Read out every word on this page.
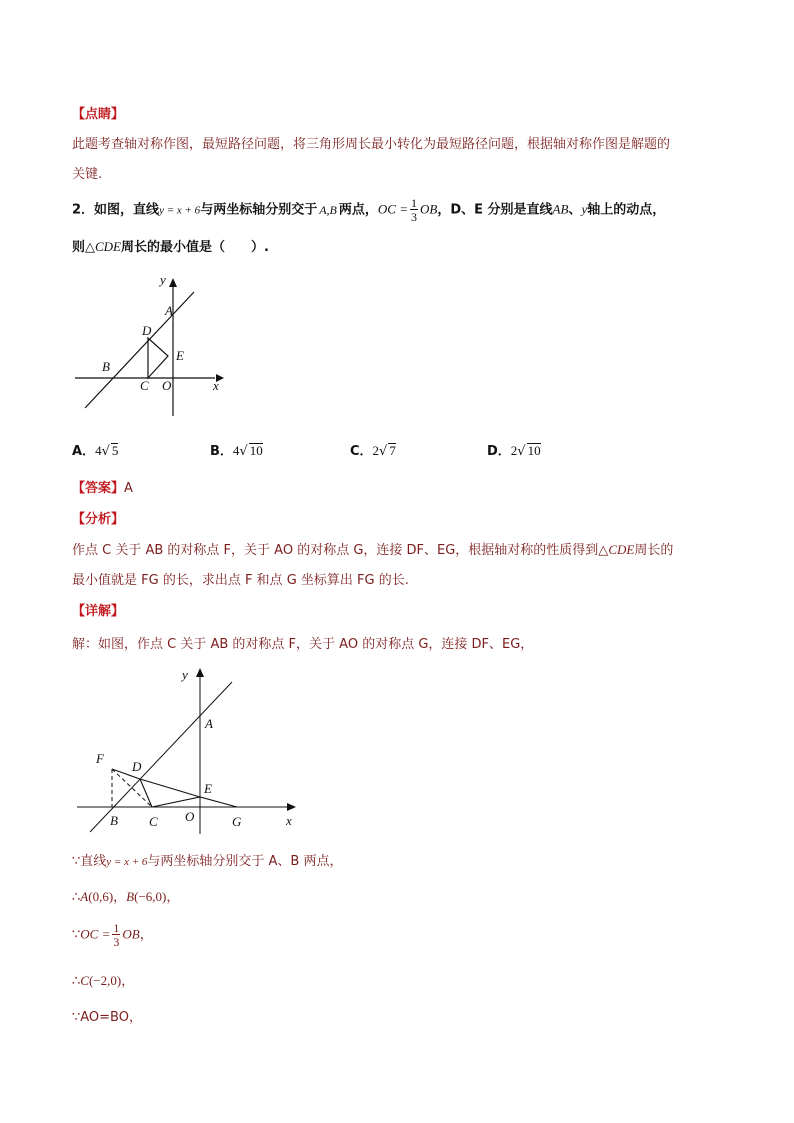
【点睛】
此题考查轴对称作图，最短路径问题，将三角形周长最小转化为最短路径问题，根据轴对称作图是解题的
关键.
2．如图，直线y = x + 6与两坐标轴分别交于 A,B 两点，OC = $\frac{1}{3}$ OB，D、E 分别是直线AB、y轴上的动点，
则△CDE周长的最小值是（　　）.
y
A
D
E
B
C O	x
A．4√ 5	B．4√ 10	C．2√ 7	D．2√ 10
【答案】A
【分析】
作点 C 关于 AB 的对称点 F，关于 AO 的对称点 G，连接 DF、EG，根据轴对称的性质得到△CDE周长的
最小值就是 FG 的长，求出点 F 和点 G 坐标算出 FG 的长.
【详解】
解：如图，作点 C 关于 AB 的对称点 F，关于 AO 的对称点 G，连接 DF、EG，
y
A
F
D
E
B C O	G	x
∵直线y = x + 6与两坐标轴分别交于 A、B 两点，
∴A(0,6)，B(−6,0)，
∵OC = $\frac{1}{3}$ OB，
∴C(−2,0)，
∵AO=BO，
